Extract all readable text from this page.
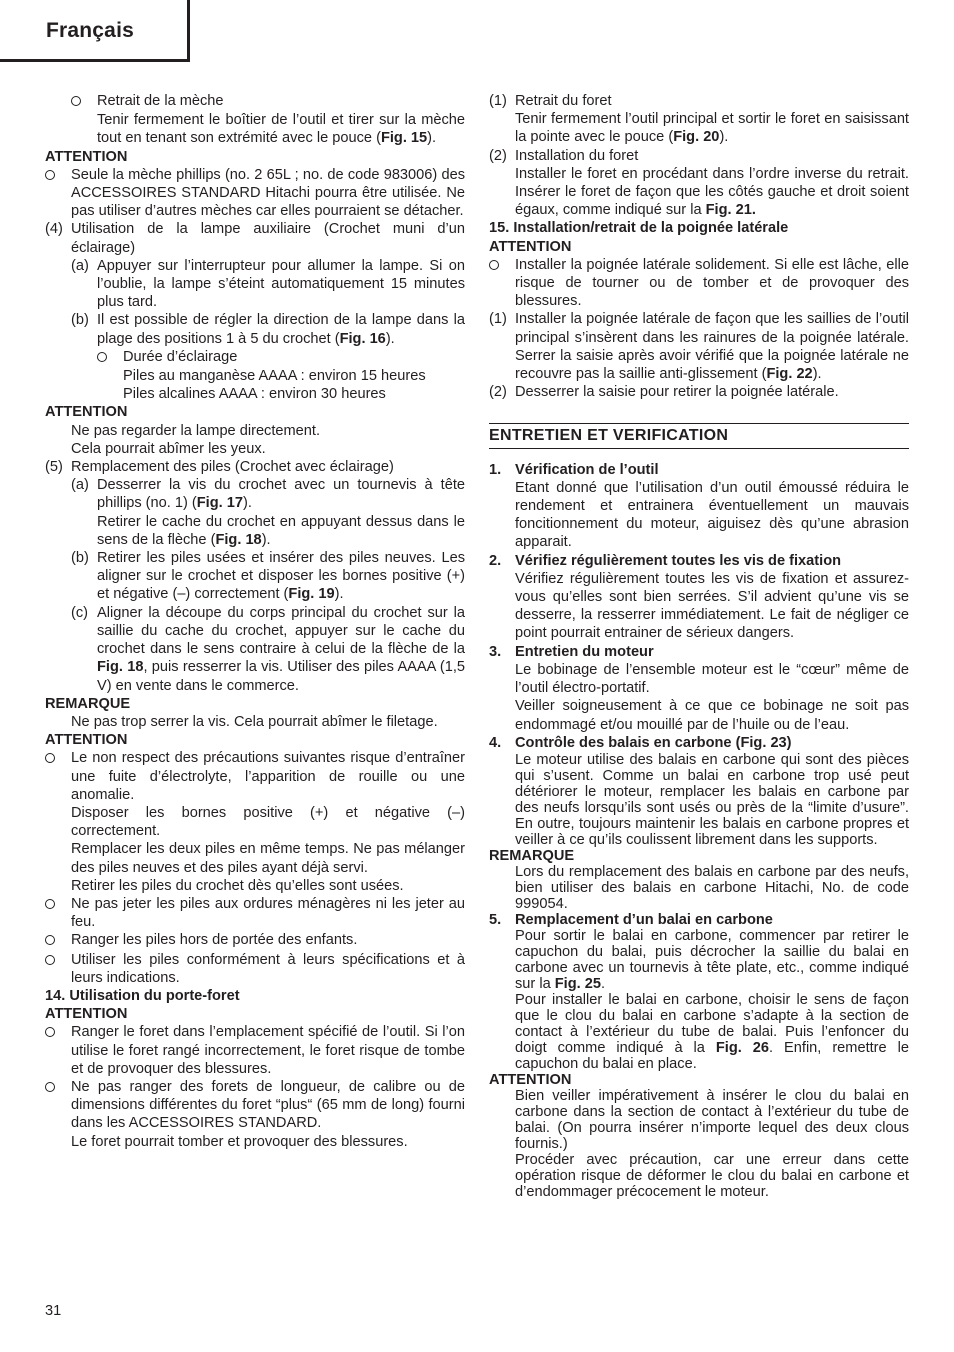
Français
Retrait de la mèche
Tenir fermement le boîtier de l’outil et tirer sur la mèche tout en tenant son extrémité avec le pouce (Fig. 15).
ATTENTION
Seule la mèche phillips (no. 2 65L ; no. de code 983006) des ACCESSOIRES STANDARD Hitachi pourra être utilisée. Ne pas utiliser d’autres mèches car elles pourraient se détacher.
(4) Utilisation de la lampe auxiliaire (Crochet muni d’un éclairage)
(a) Appuyer sur l’interrupteur pour allumer la lampe. Si on l’oublie, la lampe s’éteint automatiquement 15 minutes plus tard.
(b) Il est possible de régler la direction de la lampe dans la plage des positions 1 à 5 du crochet (Fig. 16).
Durée d’éclairage
Piles au manganèse AAAA : environ 15 heures
Piles alcalines AAAA : environ 30 heures
ATTENTION
Ne pas regarder la lampe directement.
Cela pourrait abîmer les yeux.
(5) Remplacement des piles (Crochet avec éclairage)
(a) Desserrer la vis du crochet avec un tournevis à tête phillips (no. 1) (Fig. 17).
Retirer le cache du crochet en appuyant dessus dans le sens de la flèche (Fig. 18).
(b) Retirer les piles usées et insérer des piles neuves. Les aligner sur le crochet et disposer les bornes positive (+) et négative (–) correctement (Fig. 19).
(c) Aligner la découpe du corps principal du crochet sur la saillie du cache du crochet, appuyer sur le cache du crochet dans le sens contraire à celui de la flèche de la Fig. 18, puis resserrer la vis. Utiliser des piles AAAA (1,5 V) en vente dans le commerce.
REMARQUE
Ne pas trop serrer la vis. Cela pourrait abîmer le filetage.
ATTENTION
Le non respect des précautions suivantes risque d’entraîner une fuite d’électrolyte, l’apparition de rouille ou une anomalie.
Disposer les bornes positive (+) et négative (–) correctement.
Remplacer les deux piles en même temps. Ne pas mélanger des piles neuves et des piles ayant déjà servi.
Retirer les piles du crochet dès qu’elles sont usées.
Ne pas jeter les piles aux ordures ménagères ni les jeter au feu.
Ranger les piles hors de portée des enfants.
Utiliser les piles conformément à leurs spécifications et à leurs indications.
14. Utilisation du porte-foret
ATTENTION
Ranger le foret dans l’emplacement spécifié de l’outil. Si l’on utilise le foret rangé incorrectement, le foret risque de tombe et de provoquer des blessures.
Ne pas ranger des forets de longueur, de calibre ou de dimensions différentes du foret “plus“ (65 mm de long) fourni dans les ACCESSOIRES STANDARD.
Le foret pourrait tomber et provoquer des blessures.
(1) Retrait du foret
Tenir fermement l’outil principal et sortir le foret en saisissant la pointe avec le pouce (Fig. 20).
(2) Installation du foret
Installer le foret en procédant dans l’ordre inverse du retrait. Insérer le foret de façon que les côtés gauche et droit soient égaux, comme indiqué sur la Fig. 21.
15. Installation/retrait de la poignée latérale
ATTENTION
Installer la poignée latérale solidement. Si elle est lâche, elle risque de tourner ou de tomber et de provoquer des blessures.
(1) Installer la poignée latérale de façon que les saillies de l’outil principal s’insèrent dans les rainures de la poignée latérale. Serrer la saisie après avoir vérifié que la poignée latérale ne recouvre pas la saillie anti-glissement (Fig. 22).
(2) Desserrer la saisie pour retirer la poignée latérale.
ENTRETIEN ET VERIFICATION
1. Vérification de l’outil
Etant donné que l’utilisation d’un outil émoussé réduira le rendement et entrainera éventuellement un mauvais foncitionnement du moteur, aiguisez dès qu’une abrasion apparait.
2. Vérifiez régulièrement toutes les vis de fixation
Vérifiez régulièrement toutes les vis de fixation et assurez-vous qu’elles sont bien serrées. S’il advient qu’une vis se desserre, la resserrer immédiatement. Le fait de négliger ce point pourrait entrainer de sérieux dangers.
3. Entretien du moteur
Le bobinage de l’ensemble moteur est le “cœur” même de l’outil électro-portatif.
Veiller soigneusement à ce que ce bobinage ne soit pas endommagé et/ou mouillé par de l’huile ou de l’eau.
4. Contrôle des balais en carbone (Fig. 23)
Le moteur utilise des balais en carbone qui sont des pièces qui s’usent. Comme un balai en carbone trop usé peut détériorer le moteur, remplacer les balais en carbone par des neufs lorsqu’ils sont usés ou près de la “limite d’usure”. En outre, toujours maintenir les balais en carbone propres et veiller à ce qu’ils coulissent librement dans les supports.
REMARQUE
Lors du remplacement des balais en carbone par des neufs, bien utiliser des balais en carbone Hitachi, No. de code 999054.
5. Remplacement d’un balai en carbone
Pour sortir le balai en carbone, commencer par retirer le capuchon du balai, puis décrocher la saillie du balai en carbone avec un tournevis à tête plate, etc., comme indiqué sur la Fig. 25.
Pour installer le balai en carbone, choisir le sens de façon que le clou du balai en carbone s’adapte à la section de contact à l’extérieur du tube de balai. Puis l’enfoncer du doigt comme indiqué à la Fig. 26. Enfin, remettre le capuchon du balai en place.
ATTENTION
Bien veiller impérativement à insérer le clou du balai en carbone dans la section de contact à l’extérieur du tube de balai. (On pourra insérer n’importe lequel des deux clous fournis.)
Procéder avec précaution, car une erreur dans cette opération risque de déformer le clou du balai en carbone et d’endommager précocement le moteur.
31
